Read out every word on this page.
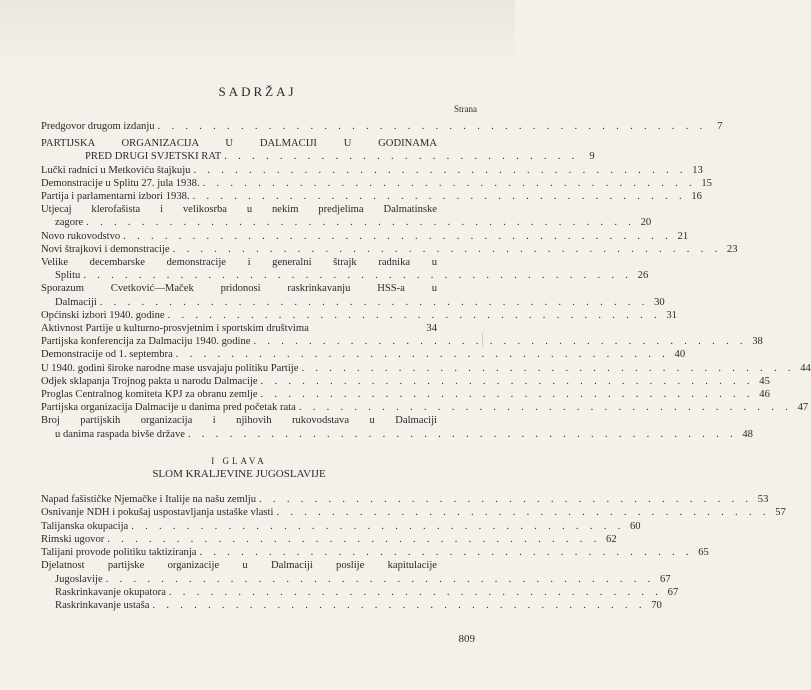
SADRŽAJ
Strana
Predgovor drugom izdanju . . . . . . . . . . . . . . . . . . . . . . . . . . . . . . . . . . . . . . . .	7
PARTIJSKA ORGANIZACIJA U DALMACIJI U GODINAMA
PRED DRUGI SVJETSKI RAT . . . . . . . . . . . . . . . . . . . . . . . . . .	9
Lučki radnici u Metkoviću štajkuju . . . . . . . . . . . . . . . . . . . . . . . . . . . . . . . . . . . . 13
Demonstracije u Splitu 27. jula 1938. . . . . . . . . . . . . . . . . . . . . . . . . . . . . . . . . . . . . 15
Partija i parlamentarni izbori 1938. . . . . . . . . . . . . . . . . . . . . . . . . . . . . . . . . . . . . 16
Utjecaj klerofašista i velikosrba u nekim predjelima Dalmatinske
zagore . . . . . . . . . . . . . . . . . . . . . . . . . . . . . . . . . . . . . . . . 20
Novo rukovodstvo . . . . . . . . . . . . . . . . . . . . . . . . . . . . . . . . . . . . . . . . 21
Novi štrajkovi i demonstracije . . . . . . . . . . . . . . . . . . . . . . . . . . . . . . . . . . . . . . . . 23
Velike decembarske demonstracije i generalni štrajk radnika u
Splitu . . . . . . . . . . . . . . . . . . . . . . . . . . . . . . . . . . . . . . . . 26
Sporazum Cvetković—Maček pridonosi raskrinkavanju HSS-a u
Dalmaciji . . . . . . . . . . . . . . . . . . . . . . . . . . . . . . . . . . . . . . . . 30
Općinski izbori 1940. godine . . . . . . . . . . . . . . . . . . . . . . . . . . . . . . . . . . . . 31
Aktivnost Partije u kulturno-prosvjetnim i sportskim društvima	34
Partijska konferencija za Dalmaciju 1940. godine . . . . . . . . . . . . . . . . . . . . . . . . . . . . . . . . . . . . 38
Demonstracije od 1. septembra . . . . . . . . . . . . . . . . . . . . . . . . . . . . . . . . . . . . 40
U 1940. godini široke narodne mase usvajaju politiku Partije . . . . . . . . . . . . . . . . . . . . . . . . . . . . . . . . . . . . 44
Odjek sklapanja Trojnog pakta u narodu Dalmacije . . . . . . . . . . . . . . . . . . . . . . . . . . . . . . . . . . . . 45
Proglas Centralnog komiteta KPJ za obranu zemlje . . . . . . . . . . . . . . . . . . . . . . . . . . . . . . . . . . . . 46
Partijska organizacija Dalmacije u danima pred početak rata . . . . . . . . . . . . . . . . . . . . . . . . . . . . . . . . . . . . 47
Broj partijskih organizacija i njihovih rukovodstava u Dalmaciji
u danima raspada bivše države . . . . . . . . . . . . . . . . . . . . . . . . . . . . . . . . . . . . . . . . 48
I GLAVA
SLOM KRALJEVINE JUGOSLAVIJE
Napad fašističke Njemačke i Italije na našu zemlju . . . . . . . . . . . . . . . . . . . . . . . . . . . . . . . . . . . . 53
Osnivanje NDH i pokušaj uspostavljanja ustaške vlasti . . . . . . . . . . . . . . . . . . . . . . . . . . . . . . . . . . . . 57
Talijanska okupacija . . . . . . . . . . . . . . . . . . . . . . . . . . . . . . . . . . . . 60
Rimski ugovor . . . . . . . . . . . . . . . . . . . . . . . . . . . . . . . . . . . . 62
Talijani provode politiku taktiziranja . . . . . . . . . . . . . . . . . . . . . . . . . . . . . . . . . . . . 65
Djelatnost partijske organizacije u Dalmaciji poslije kapitulacije
Jugoslavije . . . . . . . . . . . . . . . . . . . . . . . . . . . . . . . . . . . . . . . . 67
Raskrinkavanje okupatora . . . . . . . . . . . . . . . . . . . . . . . . . . . . . . . . . . . . 67
Raskrinkavanje ustaša . . . . . . . . . . . . . . . . . . . . . . . . . . . . . . . . . . . . 70
809
